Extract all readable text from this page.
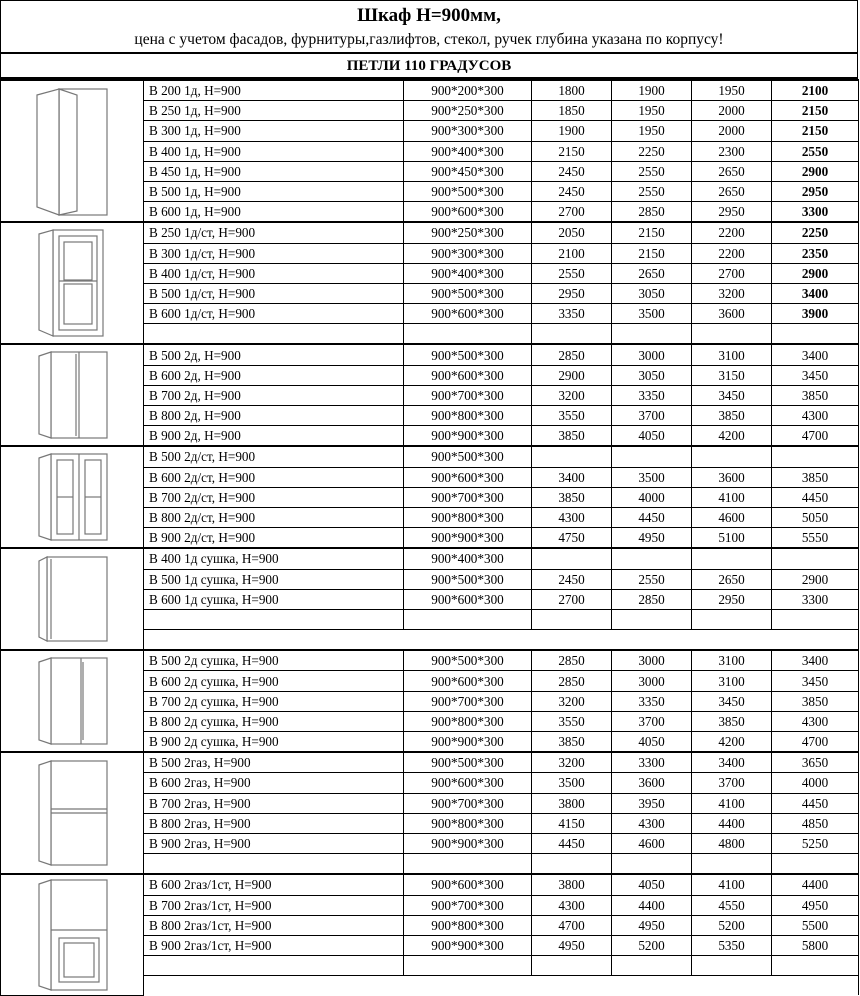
Шкаф Н=900мм,
цена с учетом фасадов, фурнитуры,газлифтов, стекол, ручек глубина указана по корпусу!
ПЕТЛИ 110 ГРАДУСОВ
	В 200 1д, Н=900	900*200*300	1800	1900	1950	2100
	В 250 1д, Н=900	900*250*300	1850	1950	2000	2150
	В 300 1д, Н=900	900*300*300	1900	1950	2000	2150
	В 400 1д, Н=900	900*400*300	2150	2250	2300	2550
	В 450 1д, Н=900	900*450*300	2450	2550	2650	2900
	В 500 1д, Н=900	900*500*300	2450	2550	2650	2950
	В 600 1д, Н=900	900*600*300	2700	2850	2950	3300

	В 250 1д/ст, Н=900	900*250*300	2050	2150	2200	2250
	В 300 1д/ст, Н=900	900*300*300	2100	2150	2200	2350
	В 400 1д/ст, Н=900	900*400*300	2550	2650	2700	2900
	В 500 1д/ст, Н=900	900*500*300	2950	3050	3200	3400
	В 600 1д/ст, Н=900	900*600*300	3350	3500	3600	3900

	В 500 2д, Н=900	900*500*300	2850	3000	3100	3400
	В 600 2д, Н=900	900*600*300	2900	3050	3150	3450
	В 700 2д, Н=900	900*700*300	3200	3350	3450	3850
	В 800 2д, Н=900	900*800*300	3550	3700	3850	4300
	В 900 2д, Н=900	900*900*300	3850	4050	4200	4700

	В 500 2д/ст, Н=900	900*500*300				
	В 600 2д/ст, Н=900	900*600*300	3400	3500	3600	3850
	В 700 2д/ст, Н=900	900*700*300	3850	4000	4100	4450
	В 800 2д/ст, Н=900	900*800*300	4300	4450	4600	5050
	В 900 2д/ст, Н=900	900*900*300	4750	4950	5100	5550

	В 400 1д сушка, Н=900	900*400*300				
	В 500 1д сушка, Н=900	900*500*300	2450	2550	2650	2900
	В 600 1д сушка, Н=900	900*600*300	2700	2850	2950	3300

	В 500 2д сушка, Н=900	900*500*300	2850	3000	3100	3400
	В 600 2д сушка, Н=900	900*600*300	2850	3000	3100	3450
	В 700 2д сушка, Н=900	900*700*300	3200	3350	3450	3850
	В 800 2д сушка, Н=900	900*800*300	3550	3700	3850	4300
	В 900 2д сушка, Н=900	900*900*300	3850	4050	4200	4700

	В 500 2газ, Н=900	900*500*300	3200	3300	3400	3650
	В 600 2газ, Н=900	900*600*300	3500	3600	3700	4000
	В 700 2газ, Н=900	900*700*300	3800	3950	4100	4450
	В 800 2газ, Н=900	900*800*300	4150	4300	4400	4850
	В 900 2газ, Н=900	900*900*300	4450	4600	4800	5250

	В 600 2газ/1ст, Н=900	900*600*300	3800	4050	4100	4400
	В 700 2газ/1ст, Н=900	900*700*300	4300	4400	4550	4950
	В 800 2газ/1ст, Н=900	900*800*300	4700	4950	5200	5500
	В 900 2газ/1ст, Н=900	900*900*300	4950	5200	5350	5800
